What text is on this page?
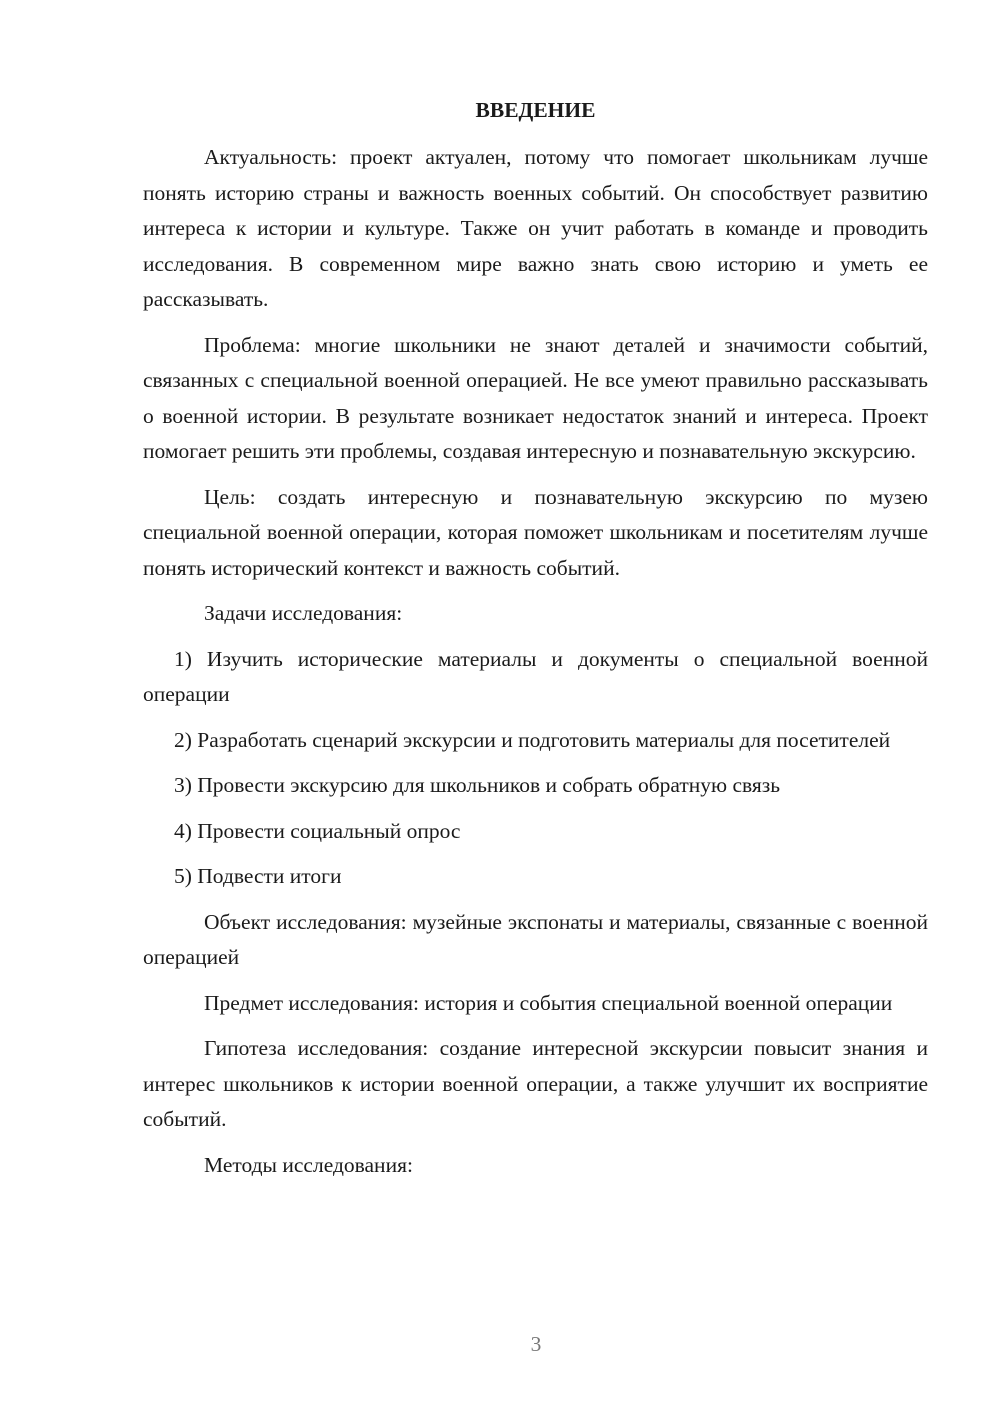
ВВЕДЕНИЕ

Актуальность: проект актуален, потому что помогает школьникам лучше понять историю страны и важность военных событий. Он способствует развитию интереса к истории и культуре. Также он учит работать в команде и проводить исследования. В современном мире важно знать свою историю и уметь ее рассказывать.

Проблема: многие школьники не знают деталей и значимости событий, связанных с специальной военной операцией. Не все умеют правильно рассказывать о военной истории. В результате возникает недостаток знаний и интереса. Проект помогает решить эти проблемы, создавая интересную и познавательную экскурсию.

Цель: создать интересную и познавательную экскурсию по музею специальной военной операции, которая поможет школьникам и посетителям лучше понять исторический контекст и важность событий.

Задачи исследования:

1) Изучить исторические материалы и документы о специальной военной операции

2) Разработать сценарий экскурсии и подготовить материалы для посетителей

3) Провести экскурсию для школьников и собрать обратную связь

4) Провести социальный опрос

5) Подвести итоги

Объект исследования: музейные экспонаты и материалы, связанные с военной операцией

Предмет исследования: история и события специальной военной операции

Гипотеза исследования: создание интересной экскурсии повысит знания и интерес школьников к истории военной операции, а также улучшит их восприятие событий.

Методы исследования:

3
